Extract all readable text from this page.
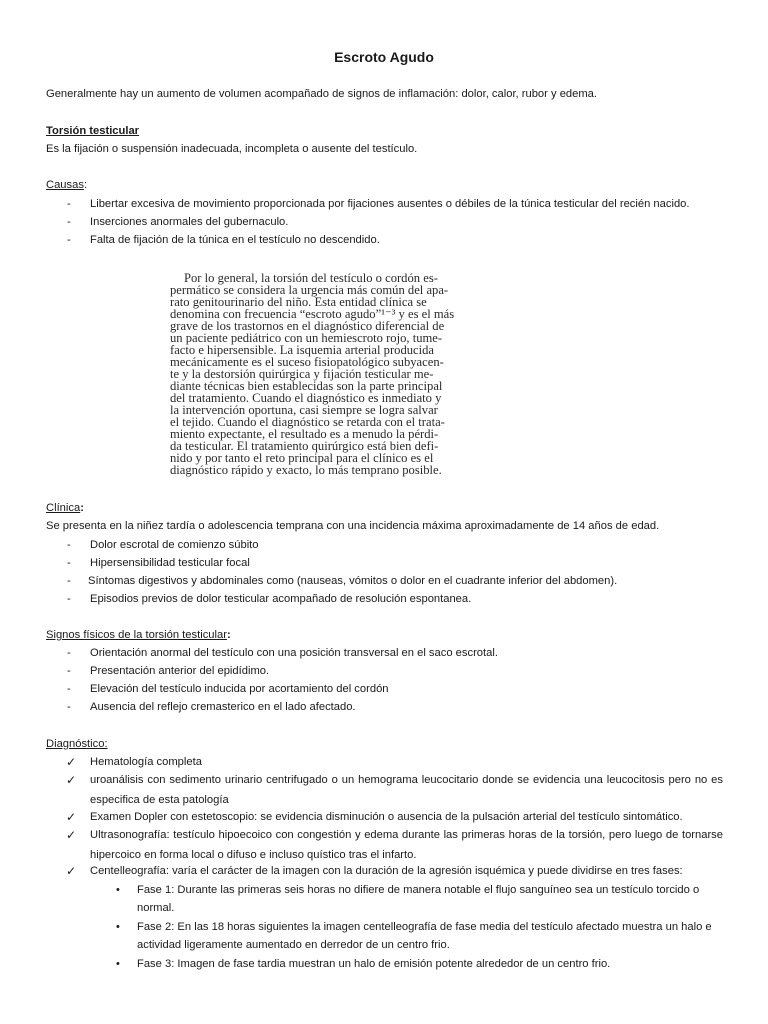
Escroto Agudo
Generalmente hay un aumento de volumen acompañado de signos de inflamación: dolor, calor, rubor y edema.
Torsión testicular
Es la fijación o suspensión inadecuada, incompleta o ausente del testículo.
Causas:
- Libertar excesiva de movimiento proporcionada por fijaciones ausentes o débiles de la túnica testicular del recién nacido.
- Inserciones anormales del gubernaculo.
- Falta de fijación de la túnica en el testículo no descendido.
Por lo general, la torsión del testículo o cordón es-
permático se considera la urgencia más común del apa-
rato genitourinario del niño. Esta entidad clínica se
denomina con frecuencia “escroto agudo”¹⁻³ y es el más
grave de los trastornos en el diagnóstico diferencial de
un paciente pediátrico con un hemiescroto rojo, tume-
facto e hipersensible. La isquemia arterial producida
mecánicamente es el suceso fisiopatológico subyacen-
te y la destorsión quirúrgica y fijación testicular me-
diante técnicas bien establecidas son la parte principal
del tratamiento. Cuando el diagnóstico es inmediato y
la intervención oportuna, casi siempre se logra salvar
el tejido. Cuando el diagnóstico se retarda con el trata-
miento expectante, el resultado es a menudo la pérdi-
da testicular. El tratamiento quirúrgico está bien defi-
nido y por tanto el reto principal para el clínico es el
diagnóstico rápido y exacto, lo más temprano posible.
Clínica:
Se presenta en la niñez tardía o adolescencia temprana con una incidencia máxima aproximadamente de 14 años de edad.
- Dolor escrotal de comienzo súbito
- Hipersensibilidad testicular focal
- Síntomas digestivos y abdominales como (nauseas, vómitos o dolor en el cuadrante inferior del abdomen).
- Episodios previos de dolor testicular acompañado de resolución espontanea.
Signos físicos de la torsión testicular:
- Orientación anormal del testículo con una posición transversal en el saco escrotal.
- Presentación anterior del epidídimo.
- Elevación del testículo inducida por acortamiento del cordón
- Ausencia del reflejo cremasterico en el lado afectado.
Diagnóstico:
✓ Hematología completa
✓ uroanálisis con sedimento urinario centrifugado o un hemograma leucocitario donde se evidencia una leucocitosis pero no es especifica de esta patología
✓ Examen Dopler con estetoscopio: se evidencia disminución o ausencia de la pulsación arterial del testículo sintomático.
✓ Ultrasonografía: testículo hipoecoico con congestión y edema durante las primeras horas de la torsión, pero luego de tornarse hipercoico en forma local o difuso e incluso quístico tras el infarto.
✓ Centelleografía: varía el carácter de la imagen con la duración de la agresión isquémica y puede dividirse en tres fases:
• Fase 1: Durante las primeras seis horas no difiere de manera notable el flujo sanguíneo sea un testículo torcido o normal.
• Fase 2: En las 18 horas siguientes la imagen centelleografía de fase media del testículo afectado muestra un halo e actividad ligeramente aumentado en derredor de un centro frio.
• Fase 3: Imagen de fase tardia muestran un halo de emisión potente alrededor de un centro frio.
